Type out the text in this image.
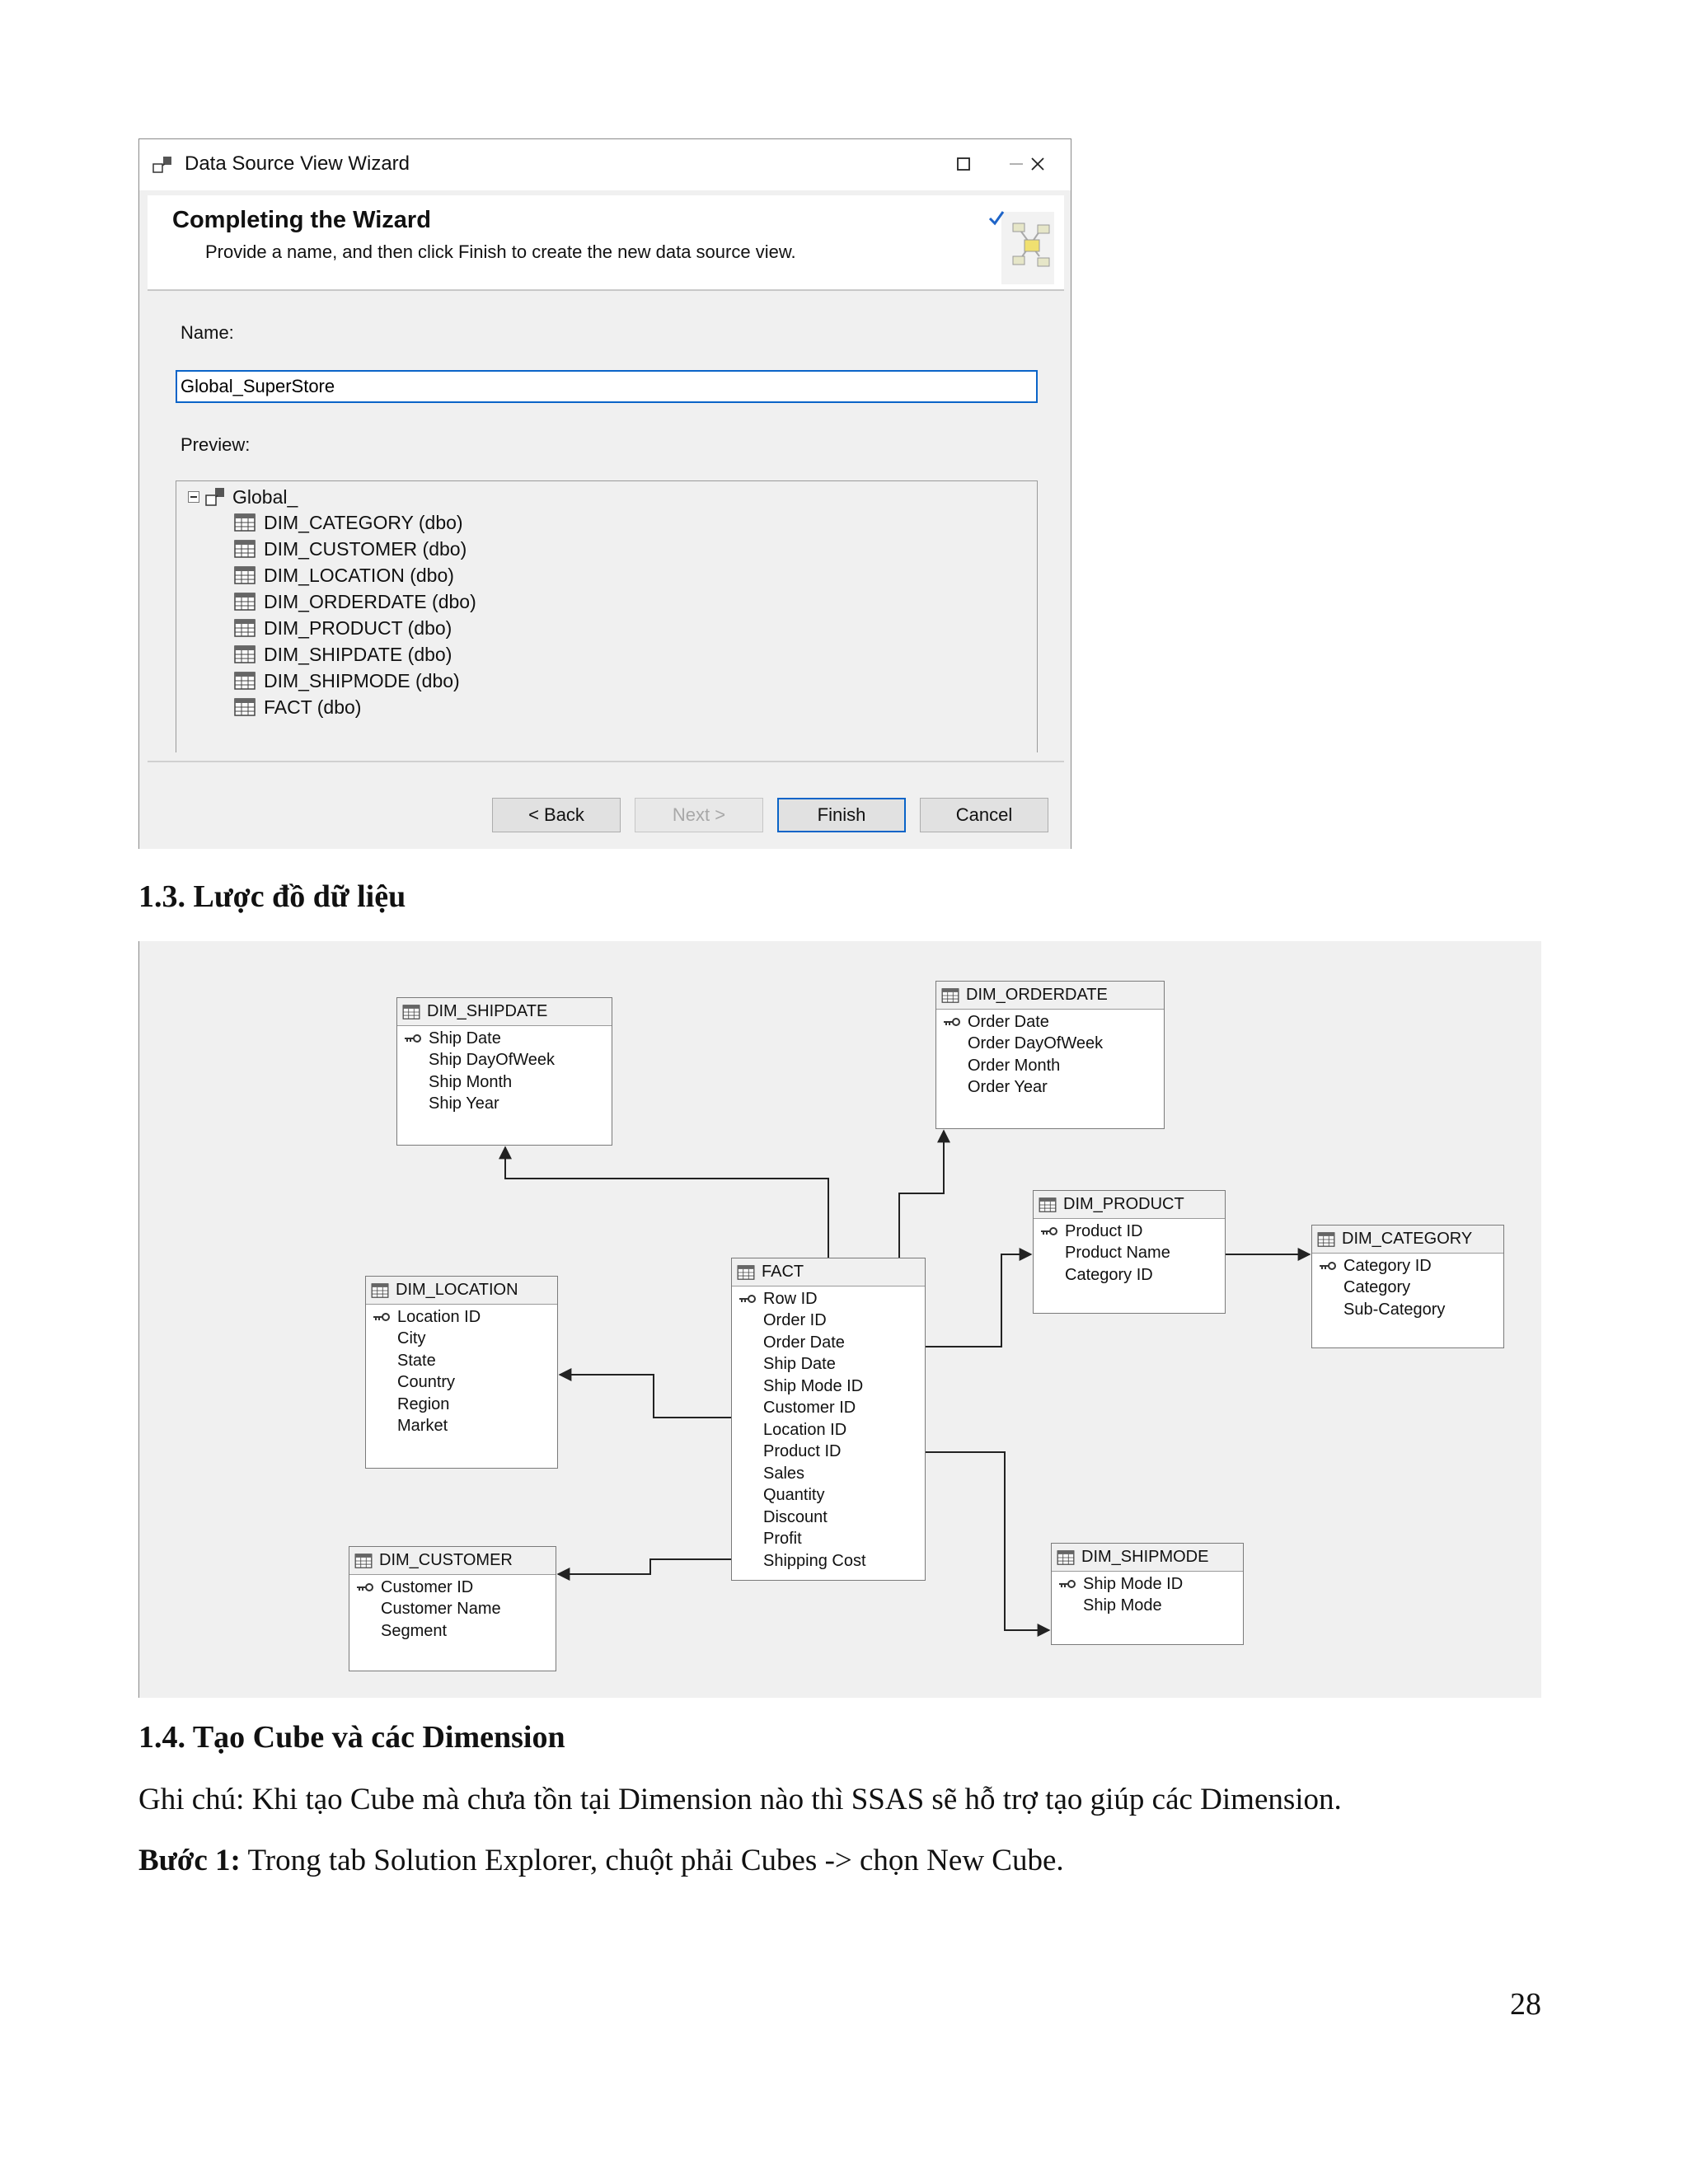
Data Source View Wizard
Completing the Wizard
Provide a name, and then click Finish to create the new data source view.
Name:
Global_SuperStore
Preview:
Global_
DIM_CATEGORY (dbo)
DIM_CUSTOMER (dbo)
DIM_LOCATION (dbo)
DIM_ORDERDATE (dbo)
DIM_PRODUCT (dbo)
DIM_SHIPDATE (dbo)
DIM_SHIPMODE (dbo)
FACT (dbo)
< Back	Next >	Finish	Cancel
1.3. Lược đồ dữ liệu
DIM_SHIPDATE
Ship Date
Ship DayOfWeek
Ship Month
Ship Year
DIM_ORDERDATE
Order Date
Order DayOfWeek
Order Month
Order Year
DIM_PRODUCT
Product ID
Product Name
Category ID
DIM_CATEGORY
Category ID
Category
Sub-Category
DIM_LOCATION
Location ID
City
State
Country
Region
Market
FACT
Row ID
Order ID
Order Date
Ship Date
Ship Mode ID
Customer ID
Location ID
Product ID
Sales
Quantity
Discount
Profit
Shipping Cost
DIM_CUSTOMER
Customer ID
Customer Name
Segment
DIM_SHIPMODE
Ship Mode ID
Ship Mode
1.4. Tạo Cube và các Dimension
Ghi chú: Khi tạo Cube mà chưa tồn tại Dimension nào thì SSAS sẽ hỗ trợ tạo giúp các Dimension.
Bước 1: Trong tab Solution Explorer, chuột phải Cubes -> chọn New Cube.
28
